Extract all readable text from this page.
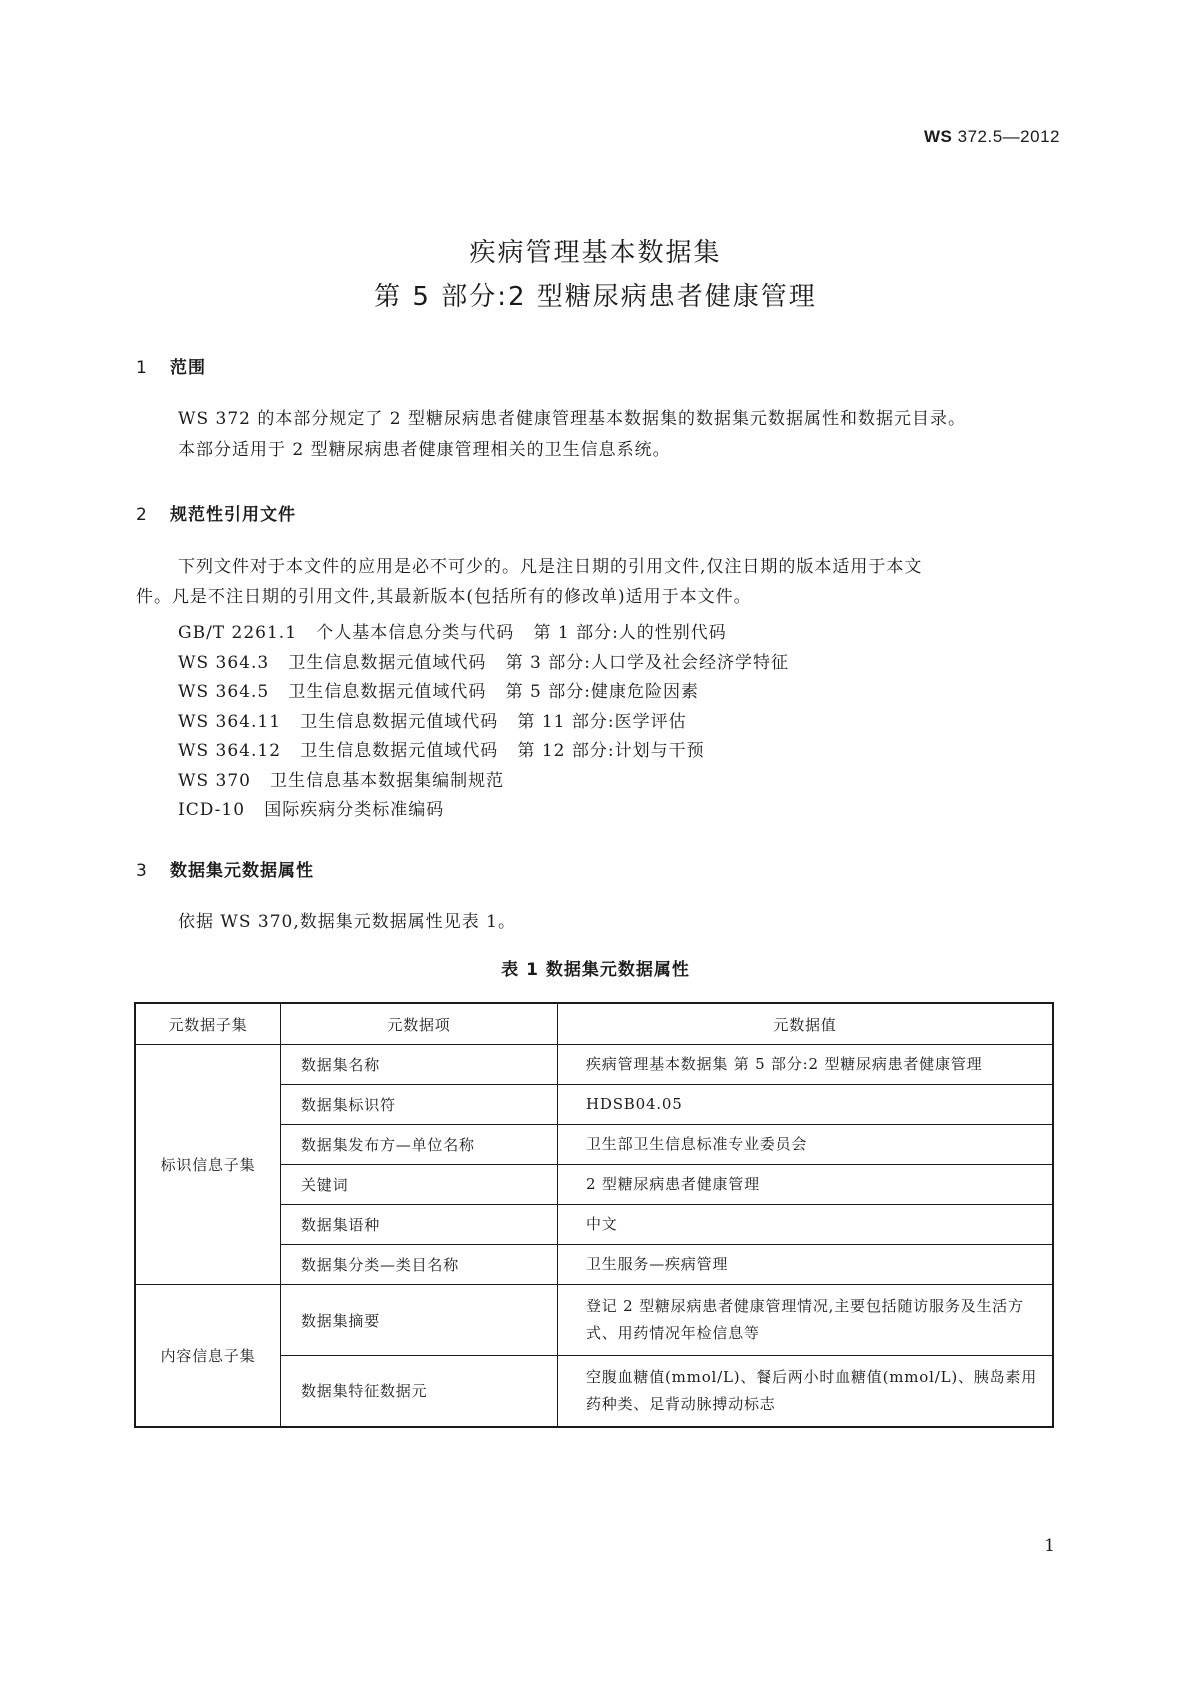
WS 372.5—2012
疾病管理基本数据集
第 5 部分:2 型糖尿病患者健康管理
1 范围
WS 372 的本部分规定了 2 型糖尿病患者健康管理基本数据集的数据集元数据属性和数据元目录。
本部分适用于 2 型糖尿病患者健康管理相关的卫生信息系统。
2 规范性引用文件
下列文件对于本文件的应用是必不可少的。凡是注日期的引用文件,仅注日期的版本适用于本文
件。凡是不注日期的引用文件,其最新版本(包括所有的修改单)适用于本文件。
GB/T 2261.1   个人基本信息分类与代码   第 1 部分:人的性别代码
WS 364.3   卫生信息数据元值域代码   第 3 部分:人口学及社会经济学特征
WS 364.5   卫生信息数据元值域代码   第 5 部分:健康危险因素
WS 364.11   卫生信息数据元值域代码   第 11 部分:医学评估
WS 364.12   卫生信息数据元值域代码   第 12 部分:计划与干预
WS 370   卫生信息基本数据集编制规范
ICD-10   国际疾病分类标准编码
3 数据集元数据属性
依据 WS 370,数据集元数据属性见表 1。
表 1 数据集元数据属性
元数据子集	元数据项	元数据值
标识信息子集	数据集名称	疾病管理基本数据集 第 5 部分:2 型糖尿病患者健康管理
	数据集标识符	HDSB04.05
	数据集发布方—单位名称	卫生部卫生信息标准专业委员会
	关键词	2 型糖尿病患者健康管理
	数据集语种	中文
	数据集分类—类目名称	卫生服务—疾病管理
内容信息子集	数据集摘要	登记 2 型糖尿病患者健康管理情况,主要包括随访服务及生活方式、用药情况年检信息等
	数据集特征数据元	空腹血糖值(mmol/L)、餐后两小时血糖值(mmol/L)、胰岛素用药种类、足背动脉搏动标志
1
